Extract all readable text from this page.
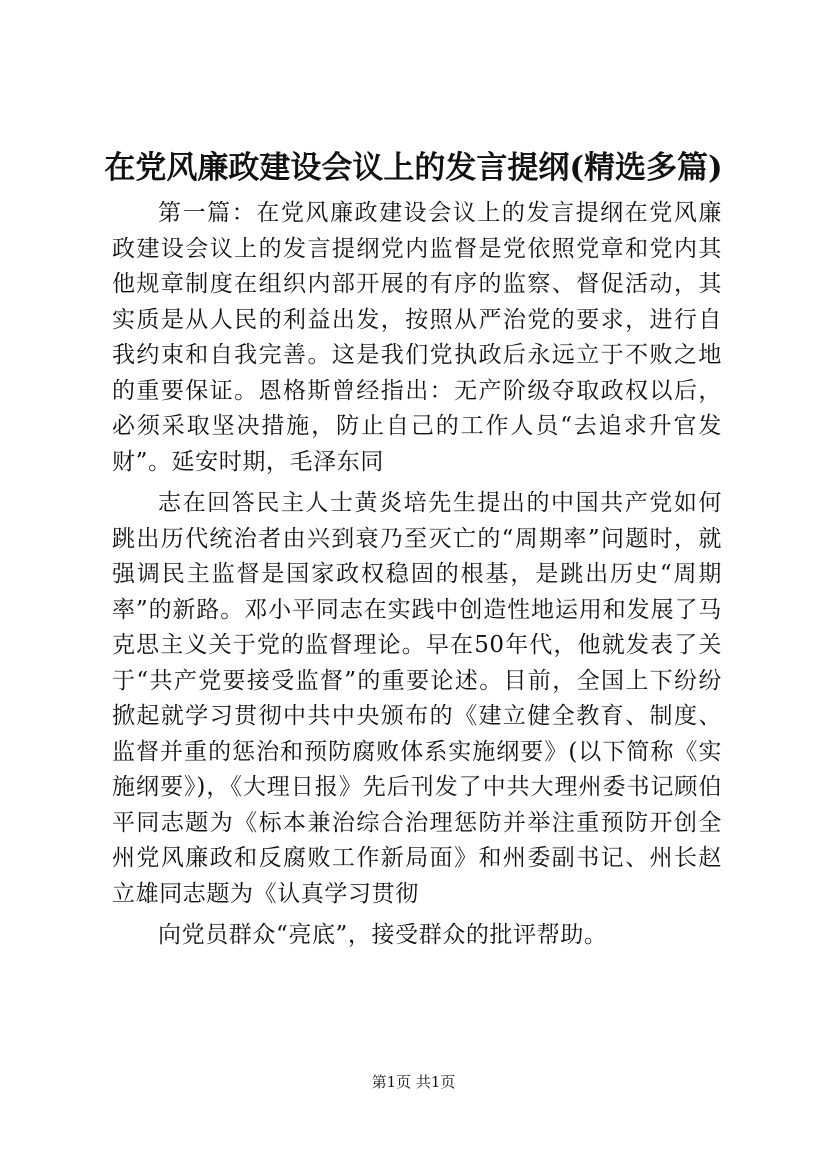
在党风廉政建设会议上的发言提纲(精选多篇)

第一篇：在党风廉政建设会议上的发言提纲在党风廉政建设会议上的发言提纲党内监督是党依照党章和党内其他规章制度在组织内部开展的有序的监察、督促活动，其实质是从人民的利益出发，按照从严治党的要求，进行自我约束和自我完善。这是我们党执政后永远立于不败之地的重要保证。恩格斯曾经指出：无产阶级夺取政权以后，必须采取坚决措施，防止自己的工作人员“去追求升官发财”。延安时期，毛泽东同

志在回答民主人士黄炎培先生提出的中国共产党如何跳出历代统治者由兴到衰乃至灭亡的“周期率”问题时，就强调民主监督是国家政权稳固的根基，是跳出历史“周期率”的新路。邓小平同志在实践中创造性地运用和发展了马克思主义关于党的监督理论。早在50年代，他就发表了关于“共产党要接受监督”的重要论述。目前，全国上下纷纷掀起就学习贯彻中共中央颁布的《建立健全教育、制度、监督并重的惩治和预防腐败体系实施纲要》(以下简称《实施纲要》)，《大理日报》先后刊发了中共大理州委书记顾伯平同志题为《标本兼治综合治理惩防并举注重预防开创全州党风廉政和反腐败工作新局面》和州委副书记、州长赵立雄同志题为《认真学习贯彻

向党员群众“亮底”，接受群众的批评帮助。

第1页 共1页
